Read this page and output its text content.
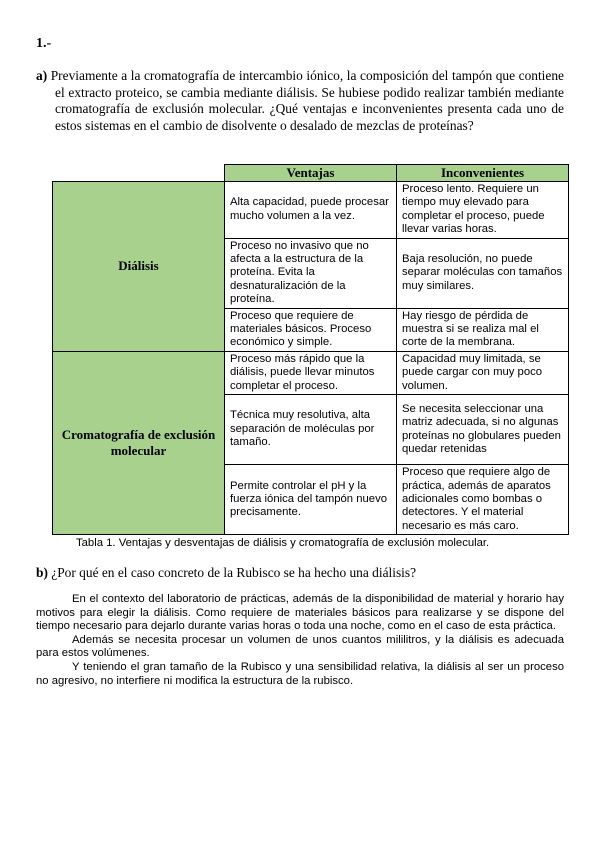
1.-

a) Previamente a la cromatografía de intercambio iónico, la composición del tampón que contiene el extracto proteico, se cambia mediante diálisis. Se hubiese podido realizar también mediante cromatografía de exclusión molecular. ¿Qué ventajas e inconvenientes presenta cada uno de estos sistemas en el cambio de disolvente o desalado de mezclas de proteínas?

	Ventajas	Inconvenientes
Diálisis	Alta capacidad, puede procesar mucho volumen a la vez.	Proceso lento. Requiere un tiempo muy elevado para completar el proceso, puede llevar varias horas.
	Proceso no invasivo que no afecta a la estructura de la proteína. Evita la desnaturalización de la proteína.	Baja resolución, no puede separar moléculas con tamaños muy similares.
	Proceso que requiere de materiales básicos. Proceso económico y simple.	Hay riesgo de pérdida de muestra si se realiza mal el corte de la membrana.
Cromatografía de exclusión molecular	Proceso más rápido que la diálisis, puede llevar minutos completar el proceso.	Capacidad muy limitada, se puede cargar con muy poco volumen.
	Técnica muy resolutiva, alta separación de moléculas por tamaño.	Se necesita seleccionar una matriz adecuada, si no algunas proteínas no globulares pueden quedar retenidas
	Permite controlar el pH y la fuerza iónica del tampón nuevo precisamente.	Proceso que requiere algo de práctica, además de aparatos adicionales como bombas o detectores. Y el material necesario es más caro.
Tabla 1. Ventajas y desventajas de diálisis y cromatografía de exclusión molecular.
b) ¿Por qué en el caso concreto de la Rubisco se ha hecho una diálisis?

En el contexto del laboratorio de prácticas, además de la disponibilidad de material y horario hay motivos para elegir la diálisis. Como requiere de materiales básicos para realizarse y se dispone del tiempo necesario para dejarlo durante varias horas o toda una noche, como en el caso de esta práctica.

Además se necesita procesar un volumen de unos cuantos mililitros, y la diálisis es adecuada para estos volúmenes.

Y teniendo el gran tamaño de la Rubisco y una sensibilidad relativa, la diálisis al ser un proceso no agresivo, no interfiere ni modifica la estructura de la rubisco.
